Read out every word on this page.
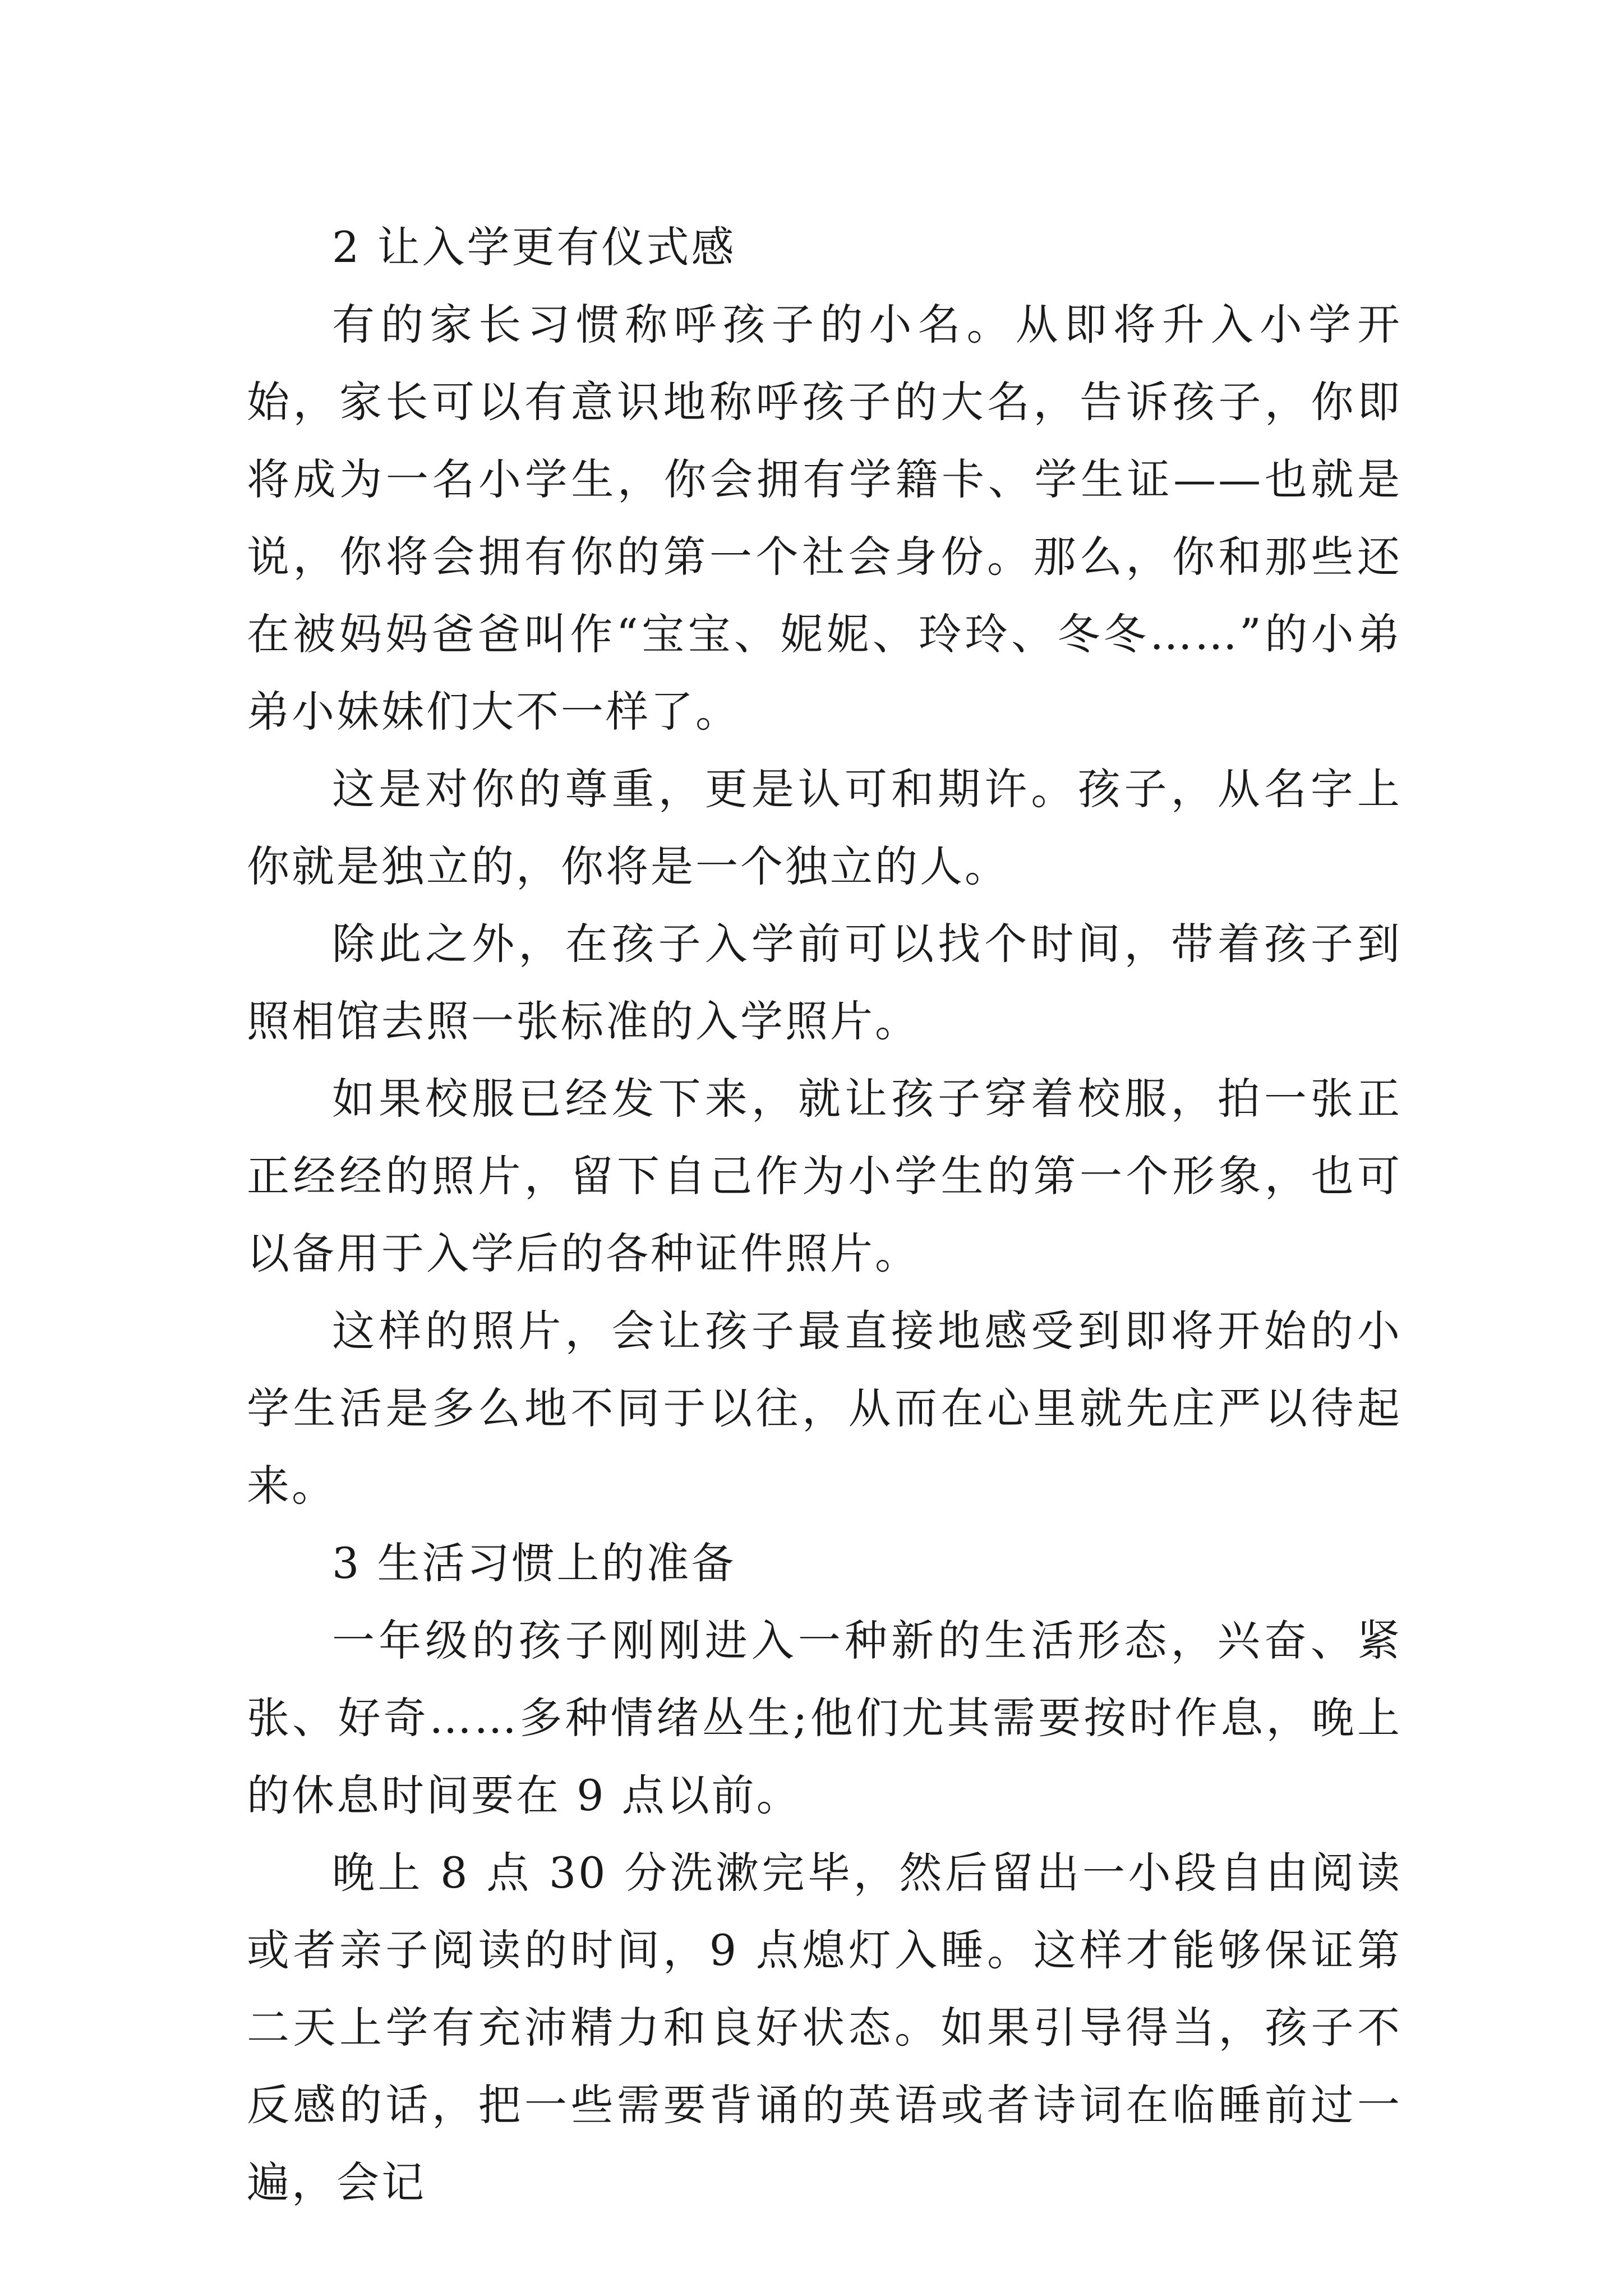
2 让入学更有仪式感

有的家长习惯称呼孩子的小名。从即将升入小学开始，家长可以有意识地称呼孩子的大名，告诉孩子，你即将成为一名小学生，你会拥有学籍卡、学生证——也就是说，你将会拥有你的第一个社会身份。那么，你和那些还在被妈妈爸爸叫作“宝宝、妮妮、玲玲、冬冬……”的小弟弟小妹妹们大不一样了。

这是对你的尊重，更是认可和期许。孩子，从名字上你就是独立的，你将是一个独立的人。

除此之外，在孩子入学前可以找个时间，带着孩子到照相馆去照一张标准的入学照片。

如果校服已经发下来，就让孩子穿着校服，拍一张正正经经的照片，留下自己作为小学生的第一个形象，也可以备用于入学后的各种证件照片。

这样的照片，会让孩子最直接地感受到即将开始的小学生活是多么地不同于以往，从而在心里就先庄严以待起来。

3 生活习惯上的准备

一年级的孩子刚刚进入一种新的生活形态，兴奋、紧张、好奇……多种情绪丛生;他们尤其需要按时作息，晚上的休息时间要在 9 点以前。

晚上 8 点 30 分洗漱完毕，然后留出一小段自由阅读或者亲子阅读的时间，9 点熄灯入睡。这样才能够保证第二天上学有充沛精力和良好状态。如果引导得当，孩子不反感的话，把一些需要背诵的英语或者诗词在临睡前过一遍，会记
